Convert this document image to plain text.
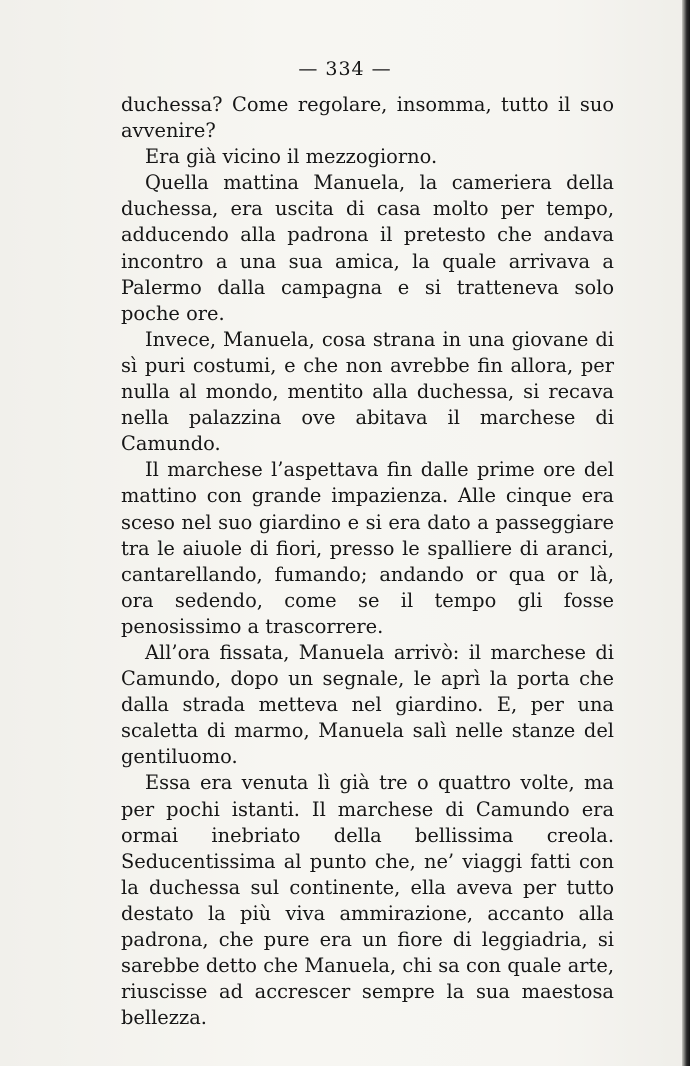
— 334 —

duchessa? Come regolare, insomma, tutto il suo avvenire?

Era già vicino il mezzogiorno.

Quella mattina Manuela, la cameriera della duchessa, era uscita di casa molto per tempo, adducendo alla padrona il pretesto che andava incontro a una sua amica, la quale arrivava a Palermo dalla campagna e si tratteneva solo poche ore.

Invece, Manuela, cosa strana in una giovane di sì puri costumi, e che non avrebbe fin allora, per nulla al mondo, mentito alla duchessa, si recava nella palazzina ove abitava il marchese di Camundo.

Il marchese l’aspettava fin dalle prime ore del mattino con grande impazienza. Alle cinque era sceso nel suo giardino e si era dato a passeggiare tra le aiuole di fiori, presso le spalliere di aranci, cantarellando, fumando; andando or qua or là, ora sedendo, come se il tempo gli fosse penosissimo a trascorrere.

All’ora fissata, Manuela arrivò: il marchese di Camundo, dopo un segnale, le aprì la porta che dalla strada metteva nel giardino. E, per una scaletta di marmo, Manuela salì nelle stanze del gentiluomo.

Essa era venuta lì già tre o quattro volte, ma per pochi istanti. Il marchese di Camundo era ormai inebriato della bellissima creola. Seducentissima al punto che, ne’ viaggi fatti con la duchessa sul continente, ella aveva per tutto destato la più viva ammirazione, accanto alla padrona, che pure era un fiore di leggiadria, si sarebbe detto che Manuela, chi sa con quale arte, riuscisse ad accrescer sempre la sua maestosa bellezza.
